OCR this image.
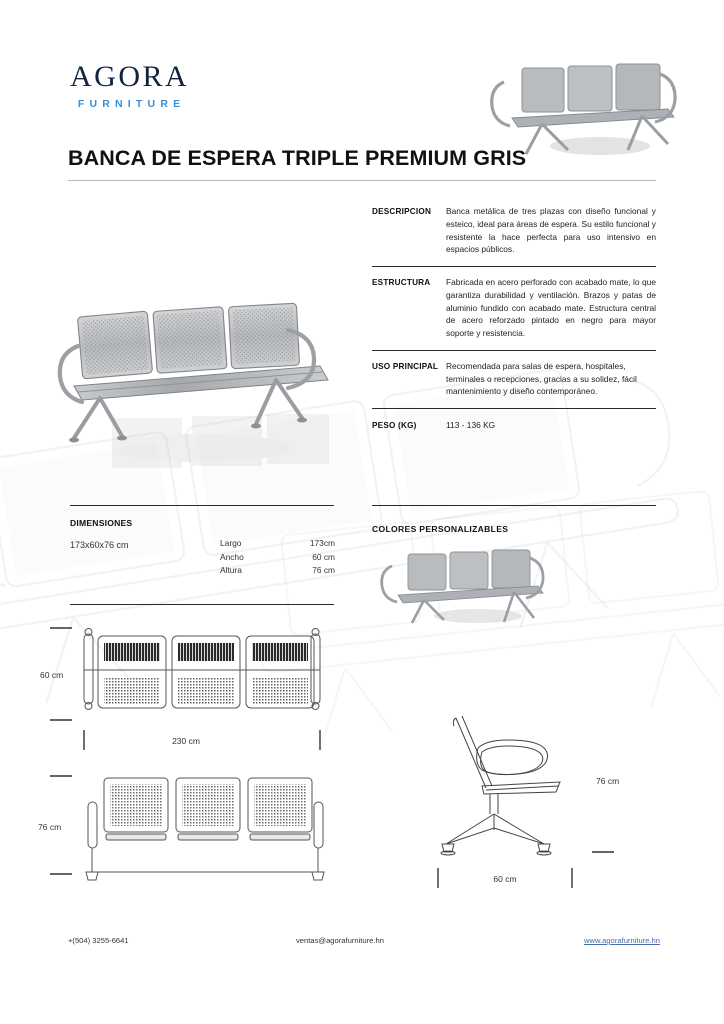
AGORA
FURNITURE
BANCA DE ESPERA TRIPLE PREMIUM GRIS
DESCRIPCION	Banca metálica de tres plazas con diseño funcional y esteico, ideal para áreas de espera. Su estilo funcional y resistente la hace perfecta para uso intensivo en espacios públicos.
ESTRUCTURA	Fabricada en acero perforado con acabado mate, lo que garantiza durabilidad y ventilación. Brazos y patas de aluminio fundido con acabado mate. Estructura central de acero reforzado pintado en negro para mayor soporte y resistencia.
USO PRINCIPAL Recomendada para salas de espera, hospitales, terminales o recepciones, gracias a su solidez, fácil mantenimiento y diseño contemporáneo.
PESO (KG)	113 - 136 KG
DIMENSIONES
173x60x76 cm	Largo	173cm
Ancho	60 cm
Altura	76 cm
COLORES PERSONALIZABLES
60 cm
230 cm
76 cm
76 cm
60 cm
+(504) 3255-6641	ventas@agorafurniture.hn	www.agorafurniture.hn
